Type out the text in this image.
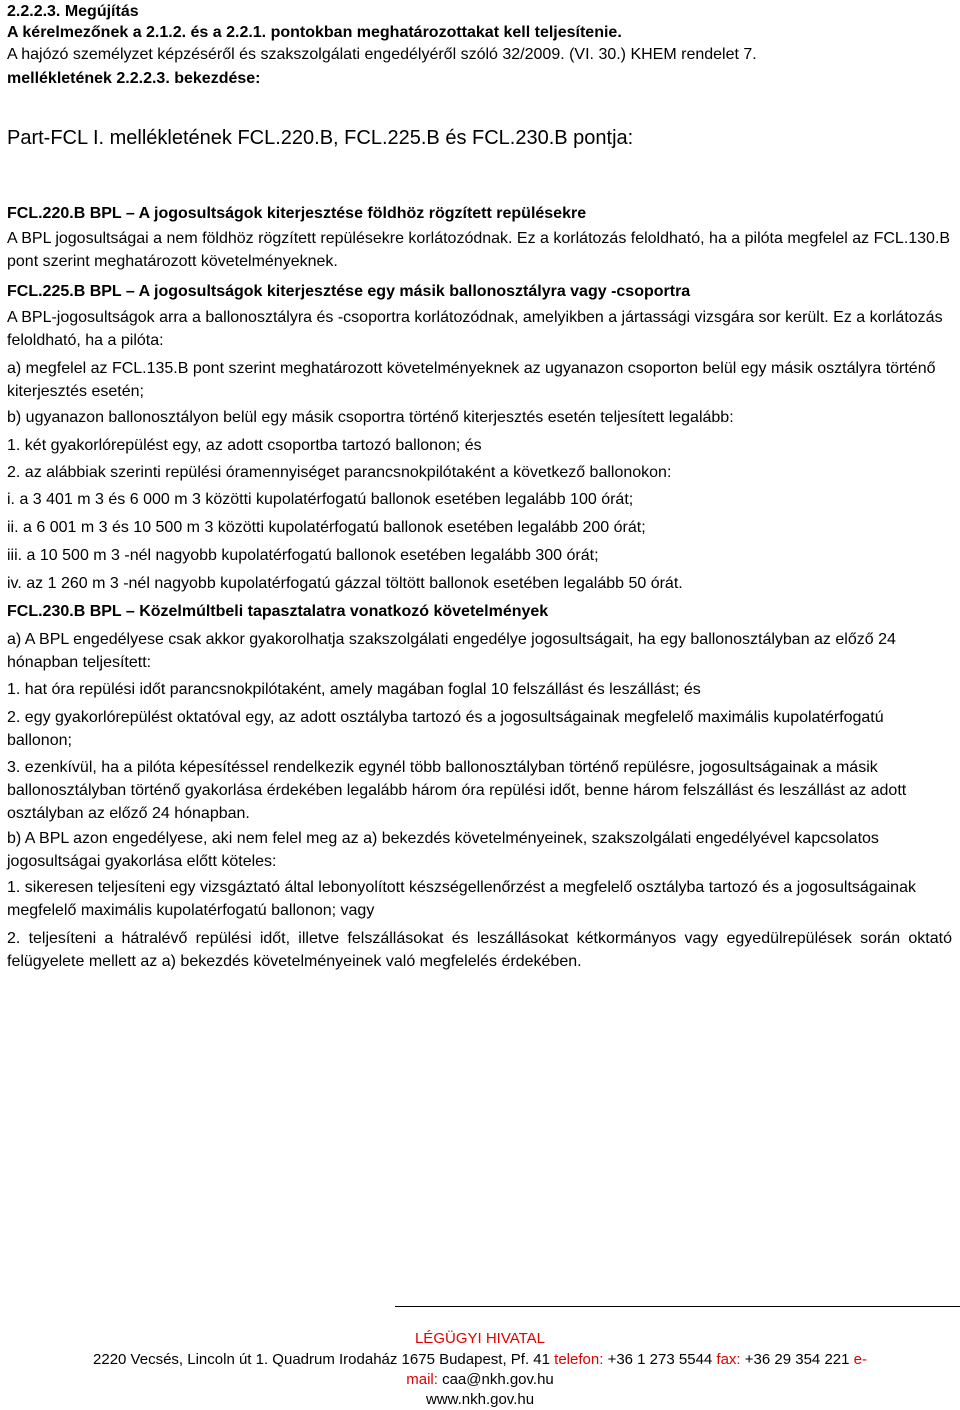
2.2.2.3. Megújítás
A kérelmezőnek a 2.1.2. és a 2.2.1. pontokban meghatározottakat kell teljesítenie.
A hajózó személyzet képzéséről és szakszolgálati engedélyéről szóló 32/2009. (VI. 30.) KHEM rendelet 7.
mellékletének 2.2.2.3. bekezdése:
Part-FCL I. mellékletének FCL.220.B, FCL.225.B és FCL.230.B pontja:
FCL.220.B BPL – A jogosultságok kiterjesztése földhöz rögzített repülésekre
A BPL jogosultságai a nem földhöz rögzített repülésekre korlátozódnak. Ez a korlátozás feloldható, ha a pilóta megfelel az FCL.130.B pont szerint meghatározott követelményeknek.
FCL.225.B BPL – A jogosultságok kiterjesztése egy másik ballonosztályra vagy -csoportra
A BPL-jogosultságok arra a ballonosztályra és -csoportra korlátozódnak, amelyikben a jártassági vizsgára sor került. Ez a korlátozás feloldható, ha a pilóta:
a) megfelel az FCL.135.B pont szerint meghatározott követelményeknek az ugyanazon csoporton belül egy másik osztályra történő kiterjesztés esetén;
b) ugyanazon ballonosztályon belül egy másik csoportra történő kiterjesztés esetén teljesített legalább:
1. két gyakorlórepülést egy, az adott csoportba tartozó ballonon; és
2. az alábbiak szerinti repülési óramennyiséget parancsnokpilótaként a következő ballonokon:
i. a 3 401 m 3 és 6 000 m 3 közötti kupolatérfogatú ballonok esetében legalább 100 órát;
ii. a 6 001 m 3 és 10 500 m 3 közötti kupolatérfogatú ballonok esetében legalább 200 órát;
iii. a 10 500 m 3 -nél nagyobb kupolatérfogatú ballonok esetében legalább 300 órát;
iv. az 1 260 m 3 -nél nagyobb kupolatérfogatú gázzal töltött ballonok esetében legalább 50 órát.
FCL.230.B BPL – Közelmúltbeli tapasztalatra vonatkozó követelmények
a) A BPL engedélyese csak akkor gyakorolhatja szakszolgálati engedélye jogosultságait, ha egy ballonosztályban az előző 24 hónapban teljesített:
1. hat óra repülési időt parancsnokpilótaként, amely magában foglal 10 felszállást és leszállást; és
2. egy gyakorlórepülést oktatóval egy, az adott osztályba tartozó és a jogosultságainak megfelelő maximális kupolatérfogatú ballonon;
3. ezenkívül, ha a pilóta képesítéssel rendelkezik egynél több ballonosztályban történő repülésre, jogosultságainak a másik ballonosztályban történő gyakorlása érdekében legalább három óra repülési időt, benne három felszállást és leszállást az adott osztályban az előző 24 hónapban.
b) A BPL azon engedélyese, aki nem felel meg az a) bekezdés követelményeinek, szakszolgálati engedélyével kapcsolatos jogosultságai gyakorlása előtt köteles:
1. sikeresen teljesíteni egy vizsgáztató által lebonyolított készségellenőrzést a megfelelő osztályba tartozó és a jogosultságainak megfelelő maximális kupolatérfogatú ballonon; vagy
2. teljesíteni a hátralévő repülési időt, illetve felszállásokat és leszállásokat kétkormányos vagy egyedülrepülések során oktató felügyelete mellett az a) bekezdés követelményeinek való megfelelés érdekében.
LÉGÜGYI HIVATAL
2220 Vecsés, Lincoln út 1. Quadrum Irodaház 1675 Budapest, Pf. 41 telefon: +36 1 273 5544 fax: +36 29 354 221 e-
mail: caa@nkh.gov.hu
www.nkh.gov.hu
